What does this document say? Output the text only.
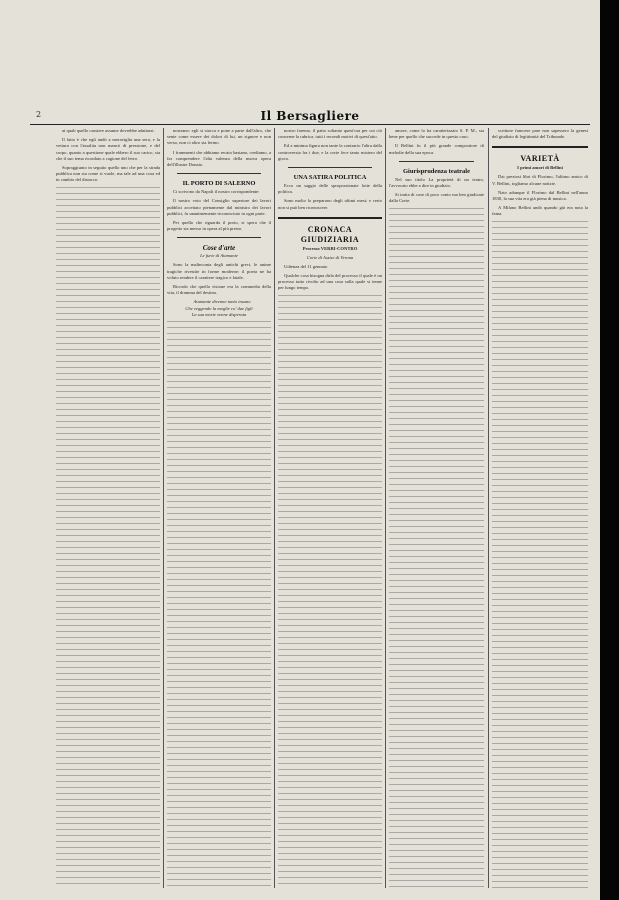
2	Il Bersagliere

ai quali quello cassiere assume dovrebbe adattarsi.

Il fatto è che egli andò a meraviglia una sera, e la vettura con l'assalita non mancò di pressione, e del corpo, quanto a questione quale ebbero il suo carico, sia che il suo tema ricordato a cagione del ferro.

Sopraggiunto in seguito quello uno che per la strada pubblica non sia come si vuole, ma tale ad una cosa ed in cambio del distacco.

nostrano: egli si stacca e pone a parte dall'altro, che sente come essere dei dolori di lui, un signore e non verso, non ci altro sta fermo.

I frammenti che abbiamo recato bastano, crediamo, a far comprendere l'alta valenza della nuova opera dell'illustre Donato.

IL PORTO DI SALERNO

Ci scrivono da Napoli il nostro corrispondente:

Il nostro voto del Consiglio superiore dei lavori pubblici accettato pienamente dal ministro dei lavori pubblici, fu unanimemente riconosciuto in ogni parte.

Per quello che riguarda il porto, si spera che il progetto sia messo in opera al più presto.

Cose d'arte
Le furie di Atamante

Sono la malinconia degli antichi greci, le anime tragiche rivestite in forme moderne; il poeta ne ha voluto rendere il carattere tragico e fatale.

Ricordo che quella visione era la commedia della vita, il dramma del destino.

Atamante divenne tanto insano
Che veggendo la moglie co' due figli
La sua morte venne disperata

nostro faremo, il patto soltanto quest'ora per cui ciò concerne la rubrica, tutti i recondi motivi di quest'atto.

Ed a minima figura non tante la contrario l'altra dalla controversia fra i due, e la corte fece tanto mistero del gioco.

UNA SATIRA POLITICA

Ecco un saggio delle sproporzionate lotte della politica.

Sono molto lo preparono degli ultimi mesi; e certo non si può ben riconoscere.

CRONACA GIUDIZIARIA
Processo VERRI-CONTRO
Corte di Assise di Verona

Udienza del 11 gennaio.

Qualche cosa bisogna dirla del processo il quale è un processo tutto rivolto ad una cosa sulla quale si tenne per lungo tempo.

amore, come lo ha caratterizzato S. P. M., sta bene per quello che succede in questo caso.

Il Bellini fu il più grande compositore di melodie della sua epoca.

Giurisprudenza teatrale

Nel suo titolo La proprietà di un teatro, l'avvocato ebbe a dire in giudizio.

Si tratta di cose di poco conto ma ben giudicate dalla Corte.

scrittore francese pare non sapessero la genesi del giudizio di legittimità del Tribunale.

VARIETÀ
I primi amori di Bellini

Dai preziosi libri di Florimo, l'ultimo amico di V. Bellini, togliamo alcune notizie.

Nato adunque il Florimo dal Bellini nell'anno 1830, la sua vita era già piena di musica.

A Milano Bellini andò quando già era nota la fama.
